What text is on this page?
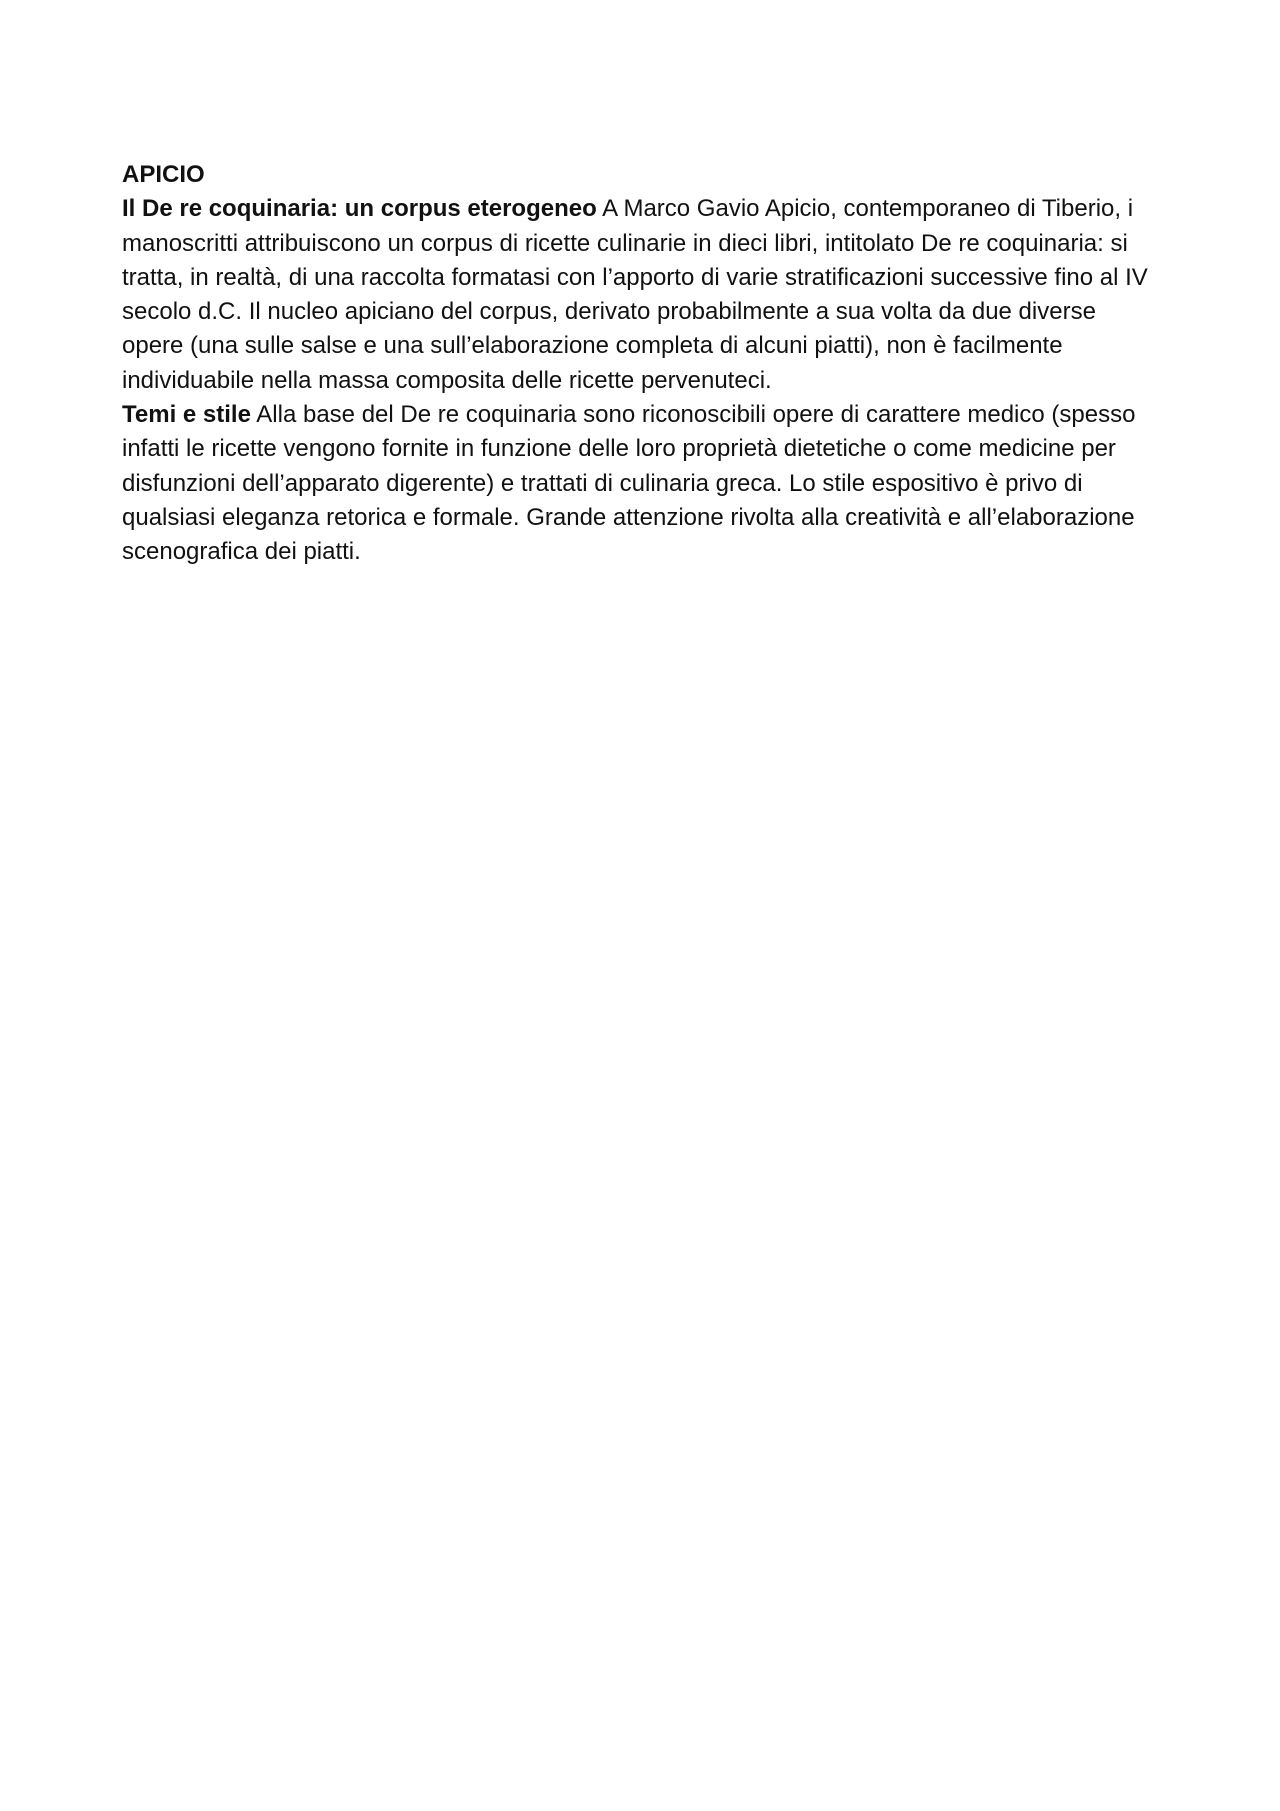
APICIO

Il De re coquinaria: un corpus eterogeneo A Marco Gavio Apicio, contemporaneo di Tiberio, i manoscritti attribuiscono un corpus di ricette culinarie in dieci libri, intitolato De re coquinaria: si tratta, in realtà, di una raccolta formatasi con l’apporto di varie stratificazioni successive fino al IV secolo d.C. Il nucleo apiciano del corpus, derivato probabilmente a sua volta da due diverse opere (una sulle salse e una sull’elaborazione completa di alcuni piatti), non è facilmente individuabile nella massa composita delle ricette pervenuteci.

Temi e stile Alla base del De re coquinaria sono riconoscibili opere di carattere medico (spesso infatti le ricette vengono fornite in funzione delle loro proprietà dietetiche o come medicine per disfunzioni dell’apparato digerente) e trattati di culinaria greca. Lo stile espositivo è privo di qualsiasi eleganza retorica e formale. Grande attenzione rivolta alla creatività e all’elaborazione scenografica dei piatti.
